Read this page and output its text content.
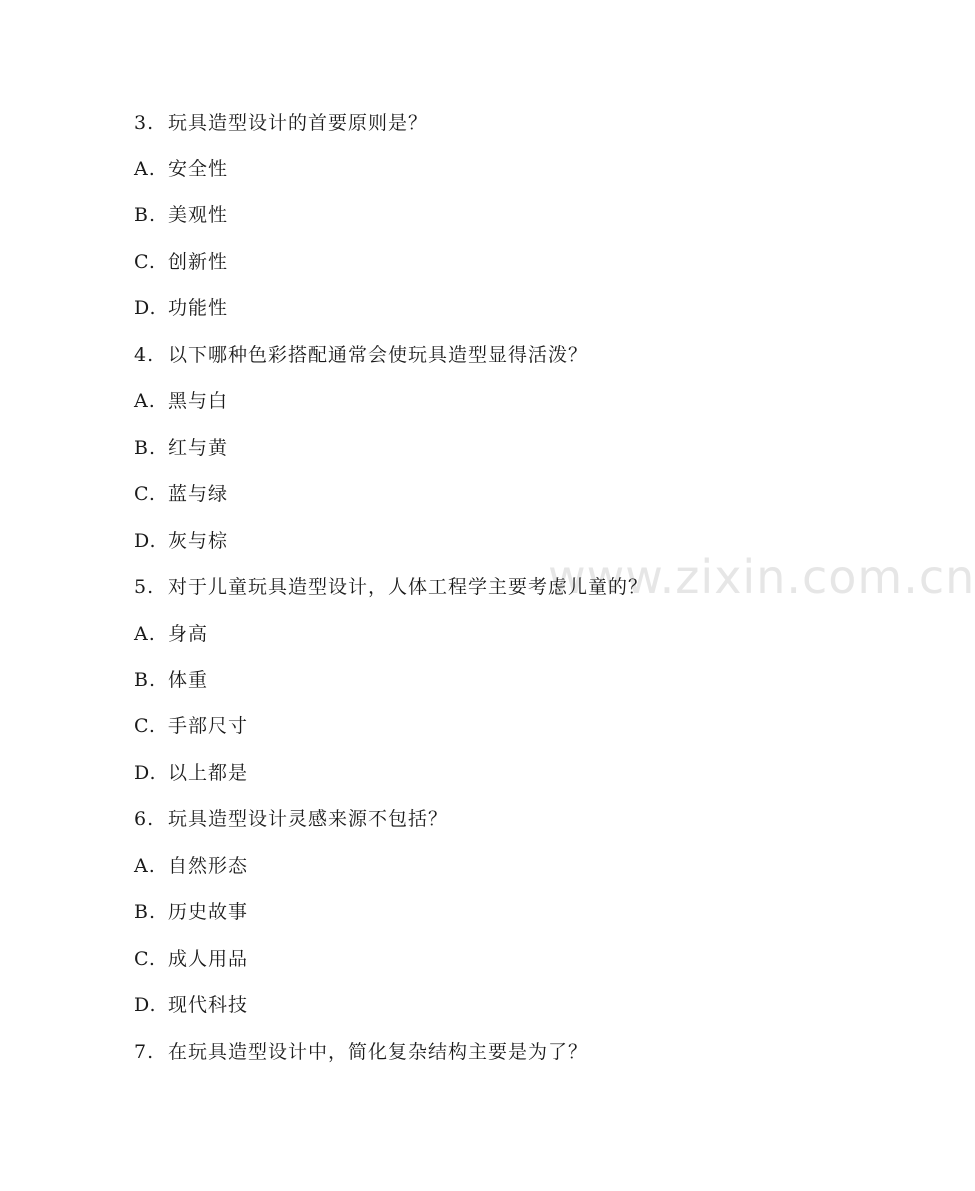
www.zixin.com.cn
3. 玩具造型设计的首要原则是？
A. 安全性
B. 美观性
C. 创新性
D. 功能性
4. 以下哪种色彩搭配通常会使玩具造型显得活泼？
A. 黑与白
B. 红与黄
C. 蓝与绿
D. 灰与棕
5. 对于儿童玩具造型设计，人体工程学主要考虑儿童的？
A. 身高
B. 体重
C. 手部尺寸
D. 以上都是
6. 玩具造型设计灵感来源不包括？
A. 自然形态
B. 历史故事
C. 成人用品
D. 现代科技
7. 在玩具造型设计中，简化复杂结构主要是为了？
